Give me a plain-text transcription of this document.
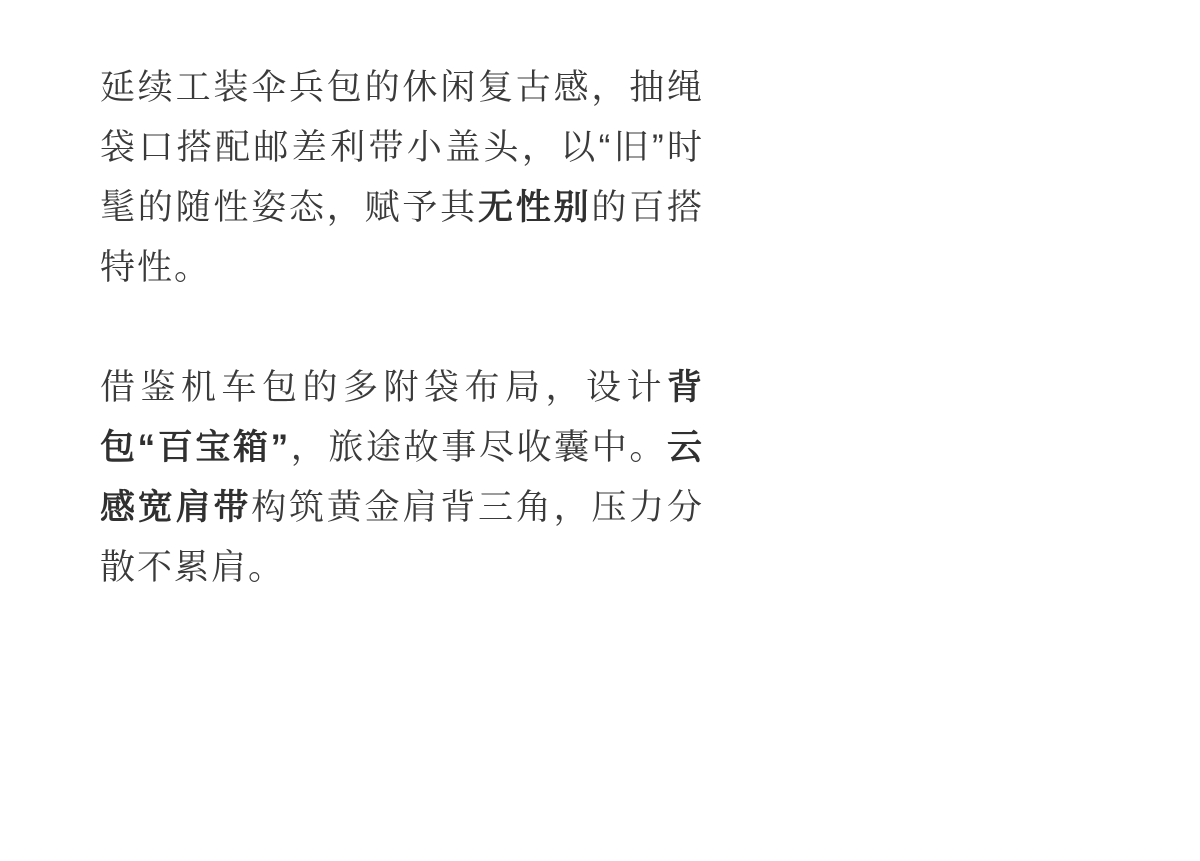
延续工装伞兵包的休闲复古感，抽绳袋口搭配邮差利带小盖头，以“旧”时髦的随性姿态，赋予其无性别的百搭特性。

借鉴机车包的多附袋布局，设计背包“百宝箱”，旅途故事尽收囊中。云感宽肩带构筑黄金肩背三角，压力分散不累肩。
